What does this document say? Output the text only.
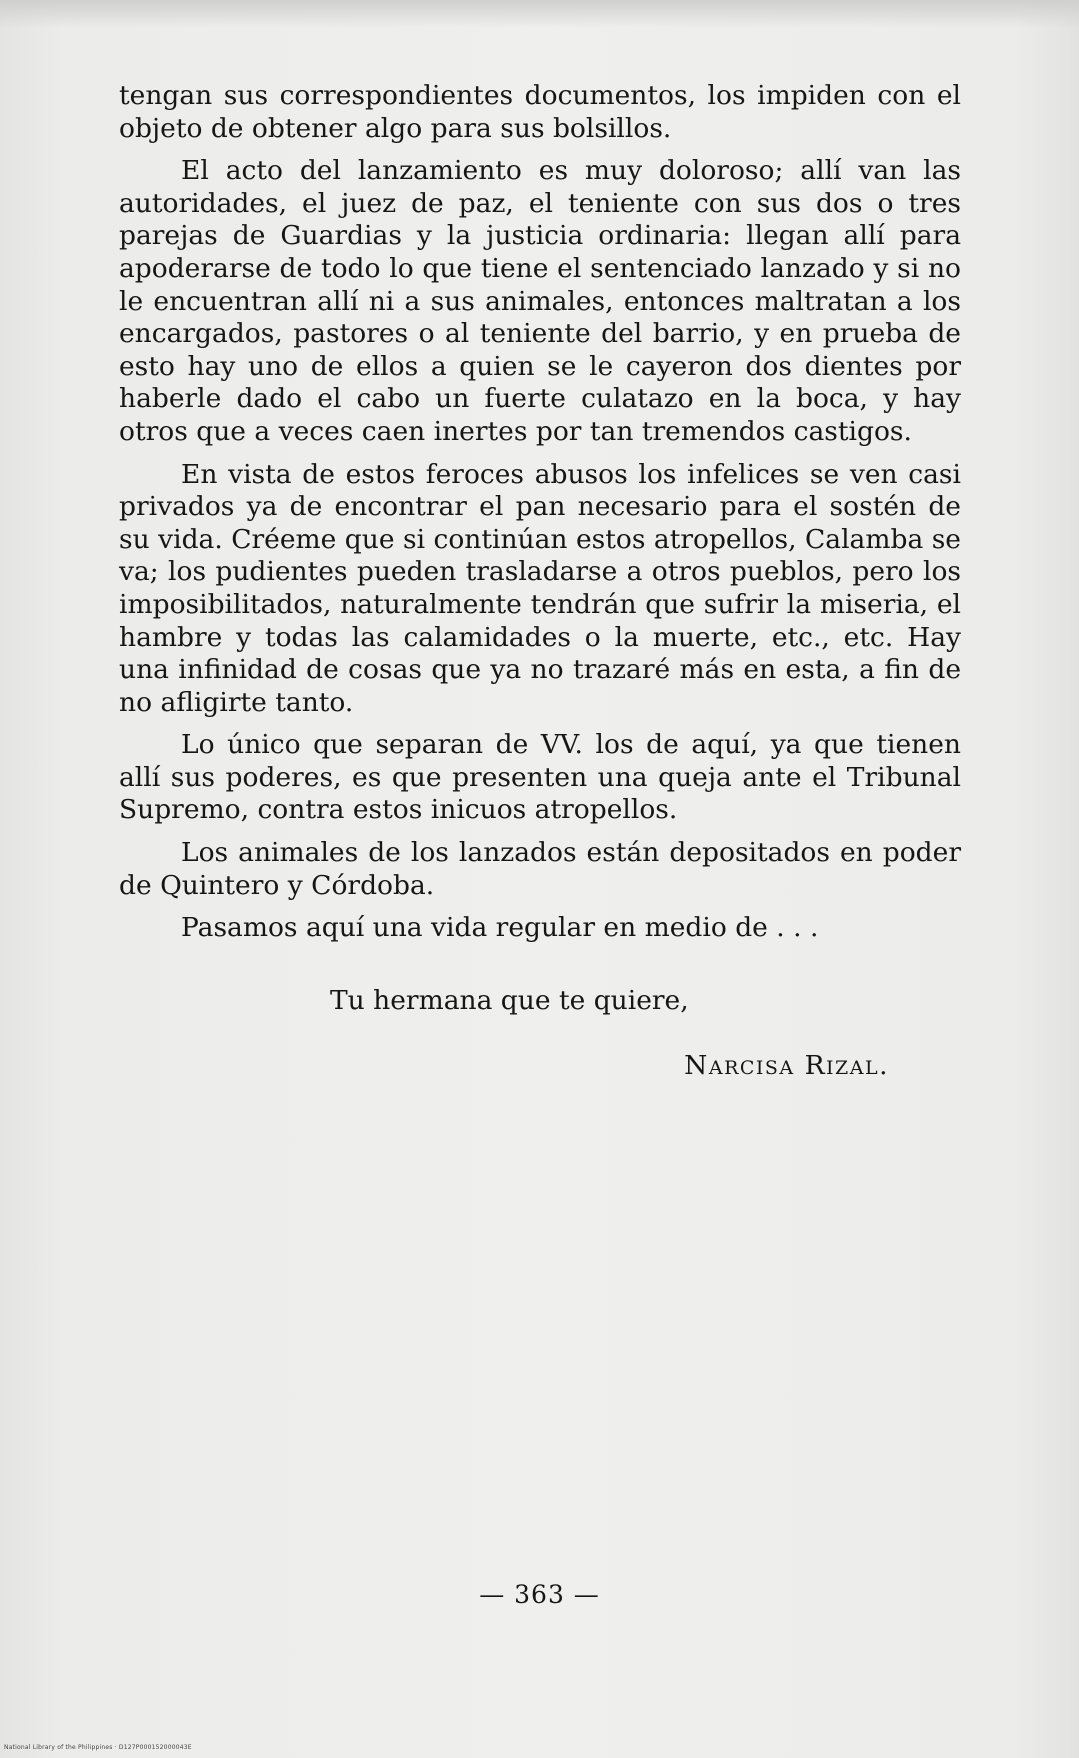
tengan sus correspondientes documentos, los impiden con el objeto de obtener algo para sus bolsillos.

El acto del lanzamiento es muy doloroso; allí van las autoridades, el juez de paz, el teniente con sus dos o tres parejas de Guardias y la justicia ordinaria: llegan allí para apoderarse de todo lo que tiene el sentenciado lanzado y si no le encuentran allí ni a sus animales, entonces maltratan a los encargados, pastores o al teniente del barrio, y en prueba de esto hay uno de ellos a quien se le cayeron dos dientes por haberle dado el cabo un fuerte culatazo en la boca, y hay otros que a veces caen inertes por tan tremendos castigos.

En vista de estos feroces abusos los infelices se ven casi privados ya de encontrar el pan necesario para el sostén de su vida. Créeme que si continúan estos atropellos, Calamba se va; los pudientes pueden trasladarse a otros pueblos, pero los imposibilitados, naturalmente tendrán que sufrir la miseria, el hambre y todas las calamidades o la muerte, etc., etc. Hay una infinidad de cosas que ya no trazaré más en esta, a fin de no afligirte tanto.

Lo único que separan de VV. los de aquí, ya que tienen allí sus poderes, es que presenten una queja ante el Tribunal Supremo, contra estos inicuos atropellos.

Los animales de los lanzados están depositados en poder de Quintero y Córdoba.

Pasamos aquí una vida regular en medio de . . .

Tu hermana que te quiere,
Narcisa Rizal.
— 363 —
National Library of the Philippines · D127P000152000043E
